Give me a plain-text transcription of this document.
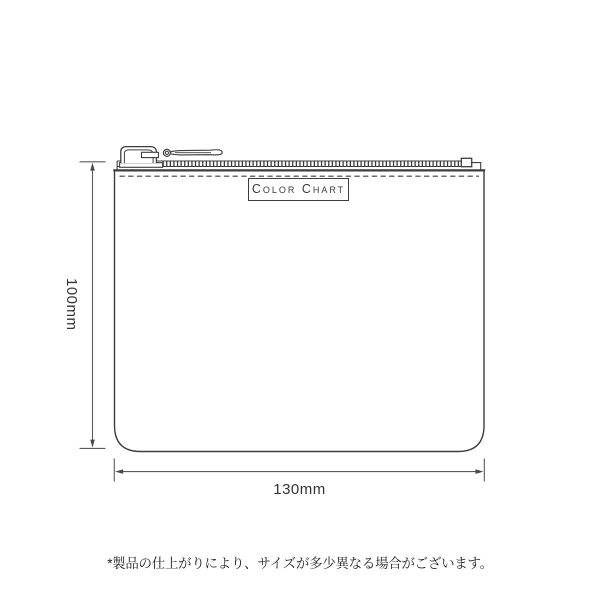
Color Chart
100mm
130mm
*製品の仕上がりにより、サイズが多少異なる場合がございます。
